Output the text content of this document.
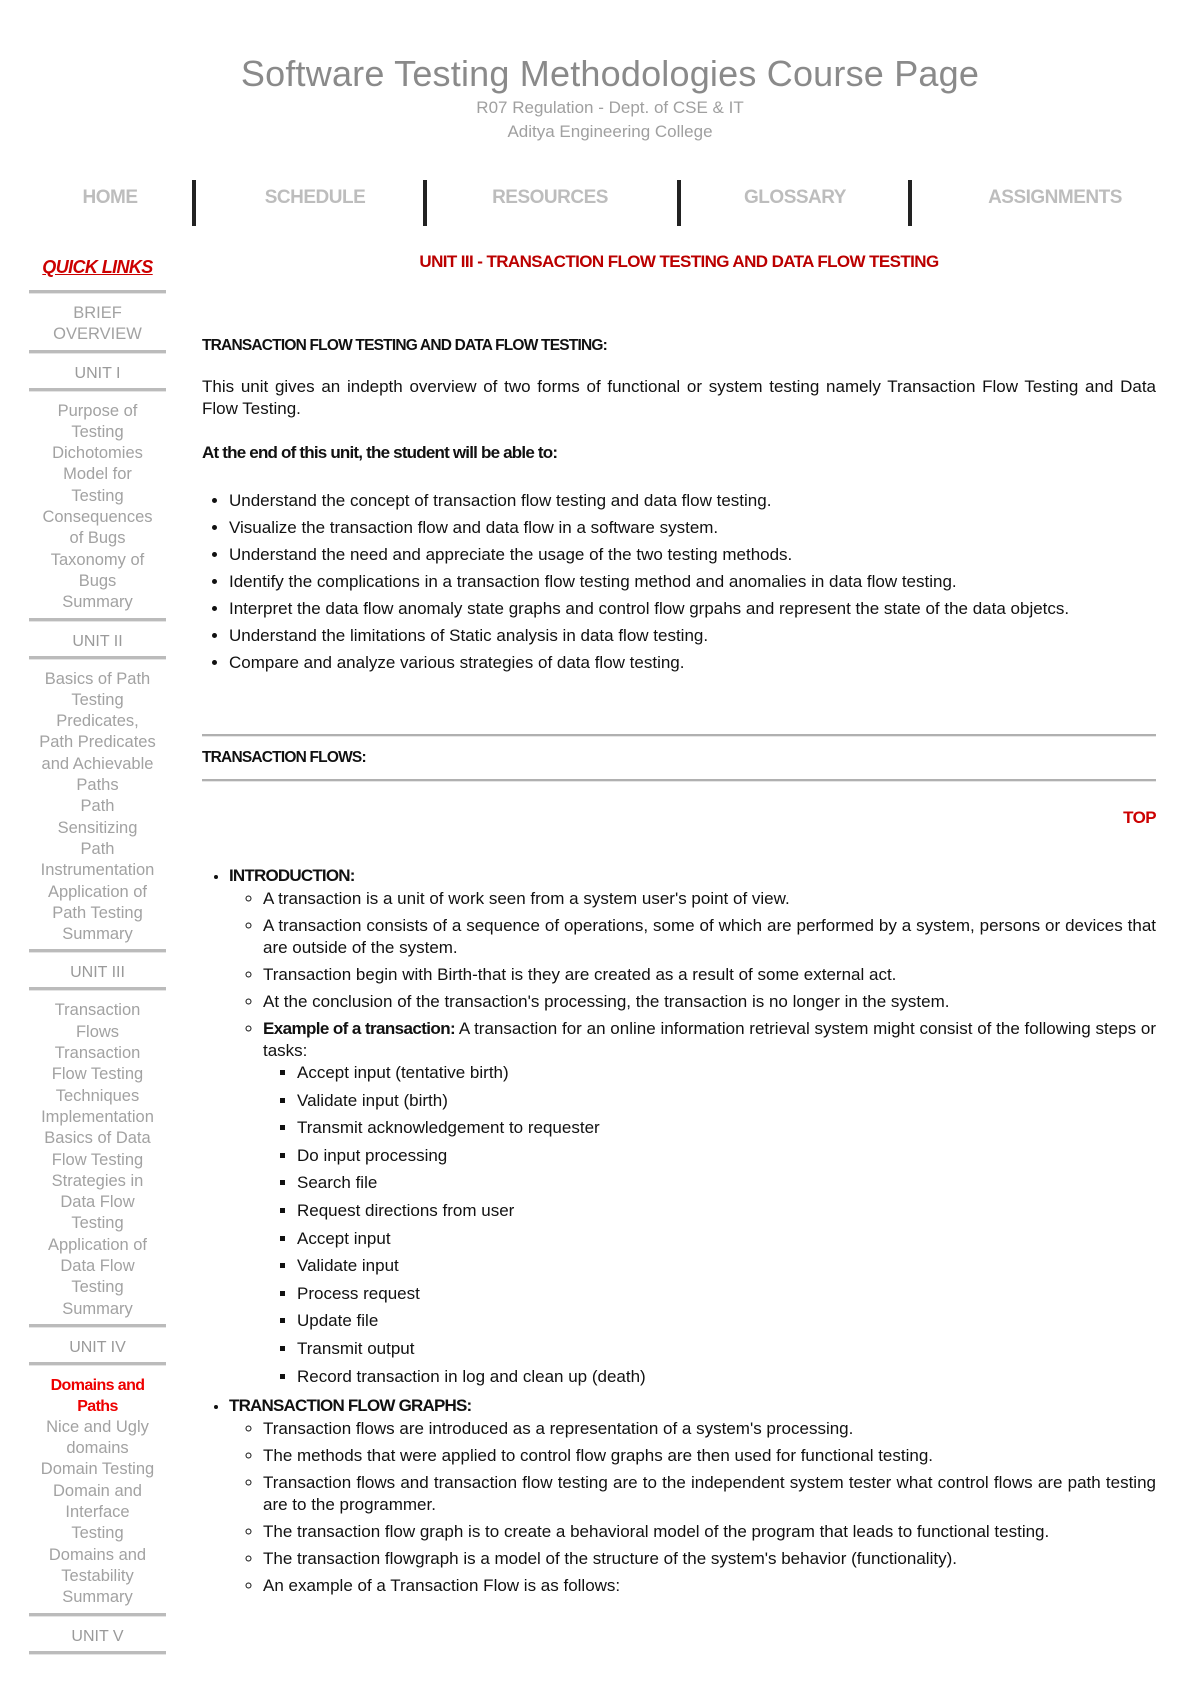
Software Testing Methodologies Course Page
R07 Regulation - Dept. of CSE & IT
Aditya Engineering College
HOME	SCHEDULE	RESOURCES	GLOSSARY	ASSIGNMENTS
QUICK LINKS
BRIEF
OVERVIEW
UNIT I
Purpose of
Testing
Dichotomies
Model for
Testing
Consequences
of Bugs
Taxonomy of
Bugs
Summary
UNIT II
Basics of Path
Testing
Predicates,
Path Predicates
and Achievable
Paths
Path
Sensitizing
Path
Instrumentation
Application of
Path Testing
Summary
UNIT III
Transaction
Flows
Transaction
Flow Testing
Techniques
Implementation
Basics of Data
Flow Testing
Strategies in
Data Flow
Testing
Application of
Data Flow
Testing
Summary
UNIT IV
Domains and
Paths
Nice and Ugly
domains
Domain Testing
Domain and
Interface
Testing
Domains and
Testability
Summary
UNIT V
UNIT III - TRANSACTION FLOW TESTING AND DATA FLOW TESTING
TRANSACTION FLOW TESTING AND DATA FLOW TESTING:
This unit gives an indepth overview of two forms of functional or system testing namely Transaction Flow Testing and Data Flow Testing.
At the end of this unit, the student will be able to:
• Understand the concept of transaction flow testing and data flow testing.
• Visualize the transaction flow and data flow in a software system.
• Understand the need and appreciate the usage of the two testing methods.
• Identify the complications in a transaction flow testing method and anomalies in data flow testing.
• Interpret the data flow anomaly state graphs and control flow grpahs and represent the state of the data objetcs.
• Understand the limitations of Static analysis in data flow testing.
• Compare and analyze various strategies of data flow testing.
TRANSACTION FLOWS:
TOP
• INTRODUCTION:
◦ A transaction is a unit of work seen from a system user's point of view.
◦ A transaction consists of a sequence of operations, some of which are performed by a system, persons or devices that are outside of the system.
◦ Transaction begin with Birth-that is they are created as a result of some external act.
◦ At the conclusion of the transaction's processing, the transaction is no longer in the system.
◦ Example of a transaction: A transaction for an online information retrieval system might consist of the following steps or tasks:
▪ Accept input (tentative birth)
▪ Validate input (birth)
▪ Transmit acknowledgement to requester
▪ Do input processing
▪ Search file
▪ Request directions from user
▪ Accept input
▪ Validate input
▪ Process request
▪ Update file
▪ Transmit output
▪ Record transaction in log and clean up (death)
• TRANSACTION FLOW GRAPHS:
◦ Transaction flows are introduced as a representation of a system's processing.
◦ The methods that were applied to control flow graphs are then used for functional testing.
◦ Transaction flows and transaction flow testing are to the independent system tester what control flows are path testing are to the programmer.
◦ The transaction flow graph is to create a behavioral model of the program that leads to functional testing.
◦ The transaction flowgraph is a model of the structure of the system's behavior (functionality).
◦ An example of a Transaction Flow is as follows:
